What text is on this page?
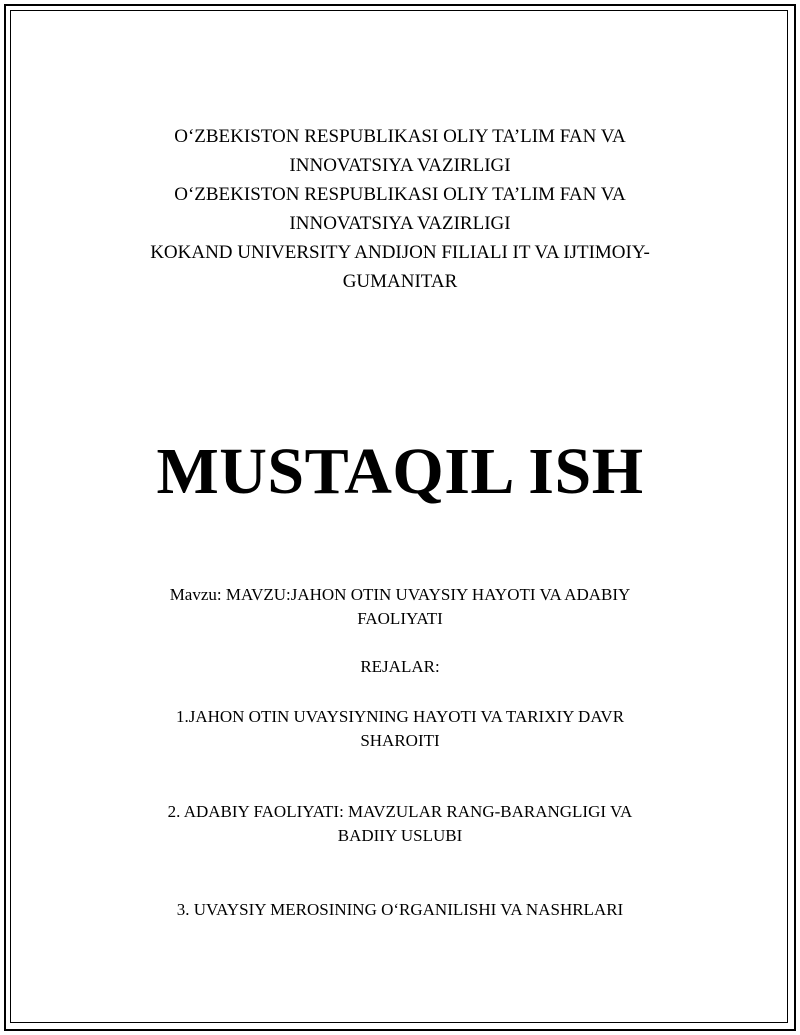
O‘ZBEKISTON RESPUBLIKASI OLIY TA’LIM FAN VA
INNOVATSIYA VAZIRLIGI
O‘ZBEKISTON RESPUBLIKASI OLIY TA’LIM FAN VA
INNOVATSIYA VAZIRLIGI
KOKAND UNIVERSITY ANDIJON FILIALI IT VA IJTIMOIY-
GUMANITAR
MUSTAQIL ISH
Mavzu: MAVZU:JAHON OTIN UVAYSIY HAYOTI VA ADABIY
FAOLIYATI
REJALAR:
1.JAHON OTIN UVAYSIYNING HAYOTI VA TARIXIY DAVR
SHAROITI
2. ADABIY FAOLIYATI: MAVZULAR RANG-BARANGLIGI VA
BADIIY USLUBI
3. UVAYSIY MEROSINING O‘RGANILISHI VA NASHRLARI
